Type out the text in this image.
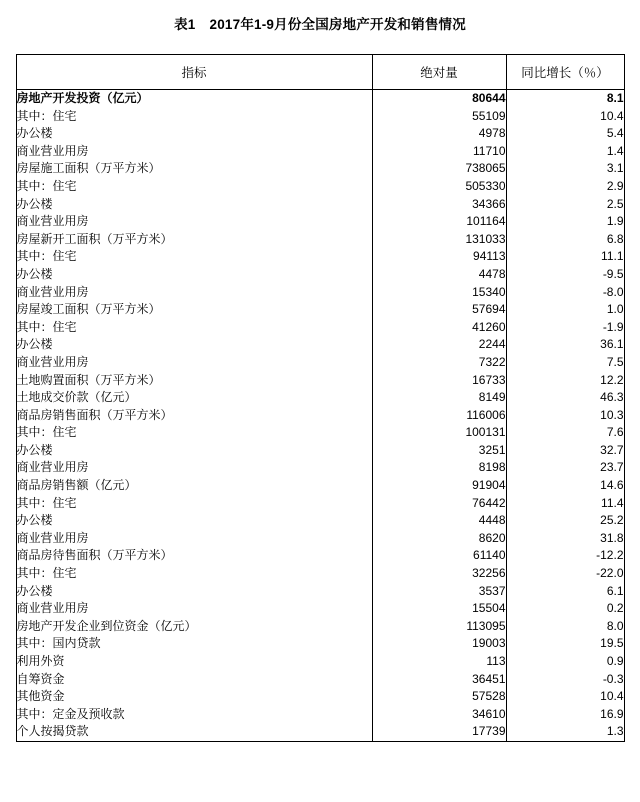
表1 2017年1-9月份全国房地产开发和销售情况
指标	绝对量	同比增长（％）
房地产开发投资（亿元）	80644	8.1
其中：住宅	55109	10.4
办公楼	4978	5.4
商业营业用房	11710	1.4
房屋施工面积（万平方米）	738065	3.1
其中：住宅	505330	2.9
办公楼	34366	2.5
商业营业用房	101164	1.9
房屋新开工面积（万平方米）	131033	6.8
其中：住宅	94113	11.1
办公楼	4478	-9.5
商业营业用房	15340	-8.0
房屋竣工面积（万平方米）	57694	1.0
其中：住宅	41260	-1.9
办公楼	2244	36.1
商业营业用房	7322	7.5
土地购置面积（万平方米）	16733	12.2
土地成交价款（亿元）	8149	46.3
商品房销售面积（万平方米）	116006	10.3
其中：住宅	100131	7.6
办公楼	3251	32.7
商业营业用房	8198	23.7
商品房销售额（亿元）	91904	14.6
其中：住宅	76442	11.4
办公楼	4448	25.2
商业营业用房	8620	31.8
商品房待售面积（万平方米）	61140	-12.2
其中：住宅	32256	-22.0
办公楼	3537	6.1
商业营业用房	15504	0.2
房地产开发企业到位资金（亿元）	113095	8.0
其中：国内贷款	19003	19.5
利用外资	113	0.9
自筹资金	36451	-0.3
其他资金	57528	10.4
其中：定金及预收款	34610	16.9
个人按揭贷款	17739	1.3
